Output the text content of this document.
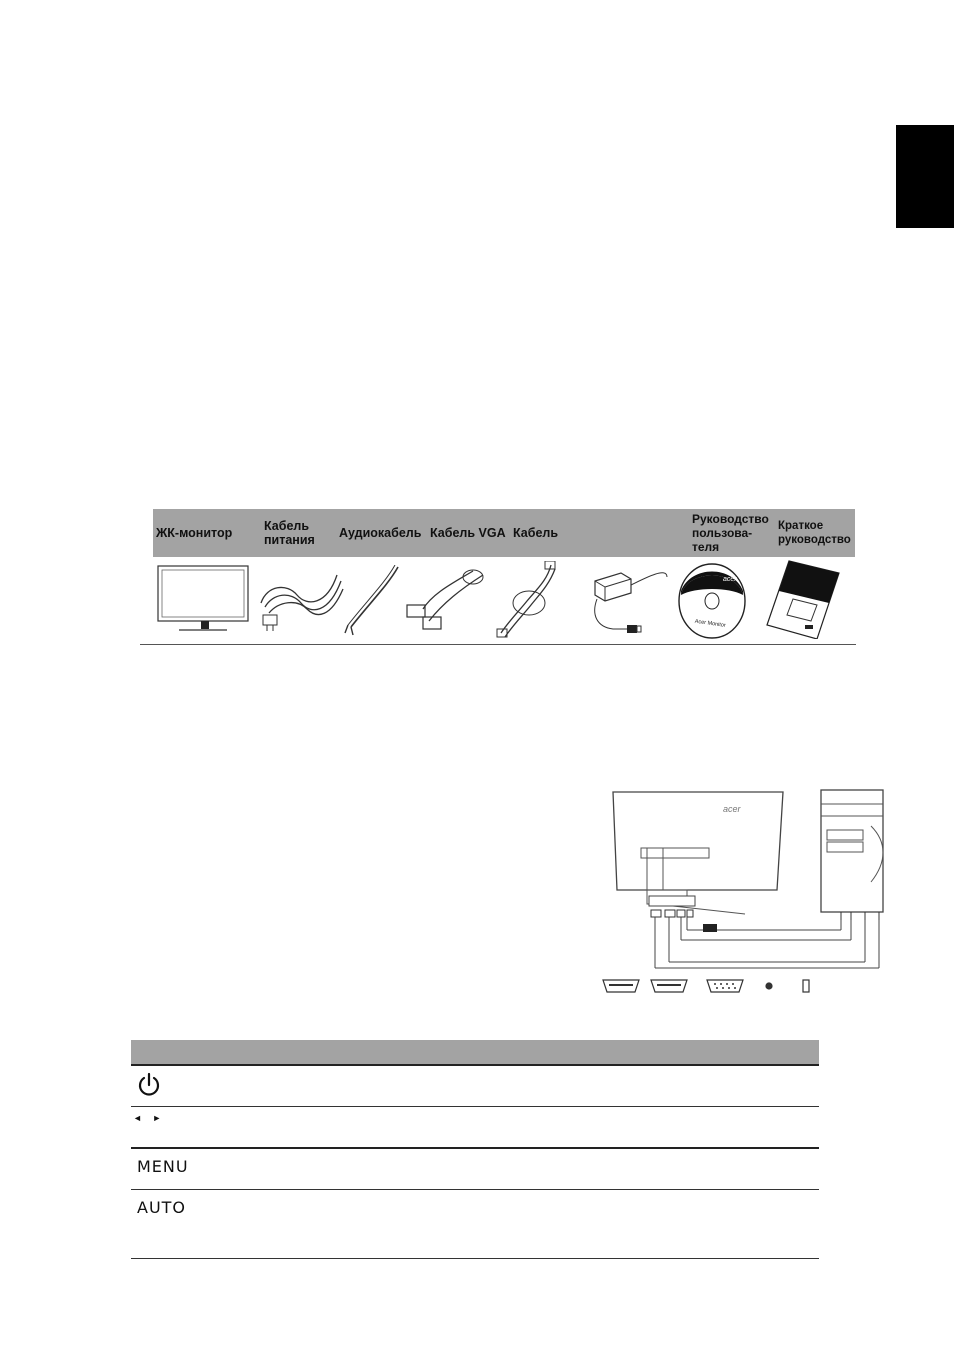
ЖК-монитор	Кабель
питания Аудиокабель Кабель VGA Кабель
Руководство
пользова-
теля
Краткое
руководство
acer
Acer Monitor
acer
◄ ►
MENU
AUTO
